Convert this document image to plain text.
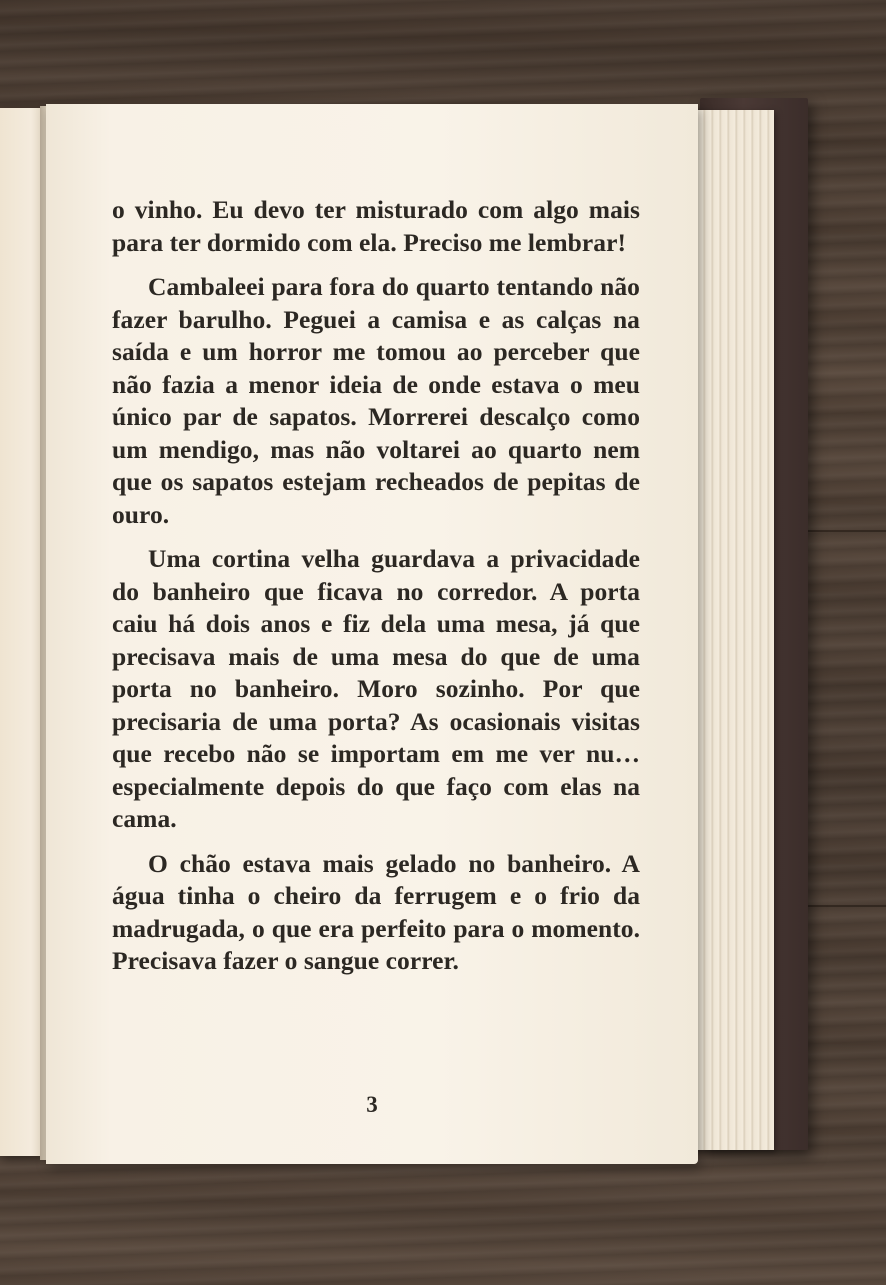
o vinho. Eu devo ter misturado com algo mais para ter dormido com ela. Preciso me lembrar!

Cambaleei para fora do quarto tentando não fazer barulho. Peguei a camisa e as calças na saída e um horror me tomou ao perceber que não fazia a menor ideia de onde estava o meu único par de sapatos. Morrerei descalço como um mendigo, mas não voltarei ao quarto nem que os sapatos estejam recheados de pepitas de ouro.

Uma cortina velha guardava a privacidade do banheiro que ficava no corredor. A porta caiu há dois anos e fiz dela uma mesa, já que precisava mais de uma mesa do que de uma porta no banheiro. Moro sozinho. Por que precisaria de uma porta? As ocasionais visitas que recebo não se importam em me ver nu… especialmente depois do que faço com elas na cama.

O chão estava mais gelado no banheiro. A água tinha o cheiro da ferrugem e o frio da madrugada, o que era perfeito para o momento. Precisava fazer o sangue correr.

3
